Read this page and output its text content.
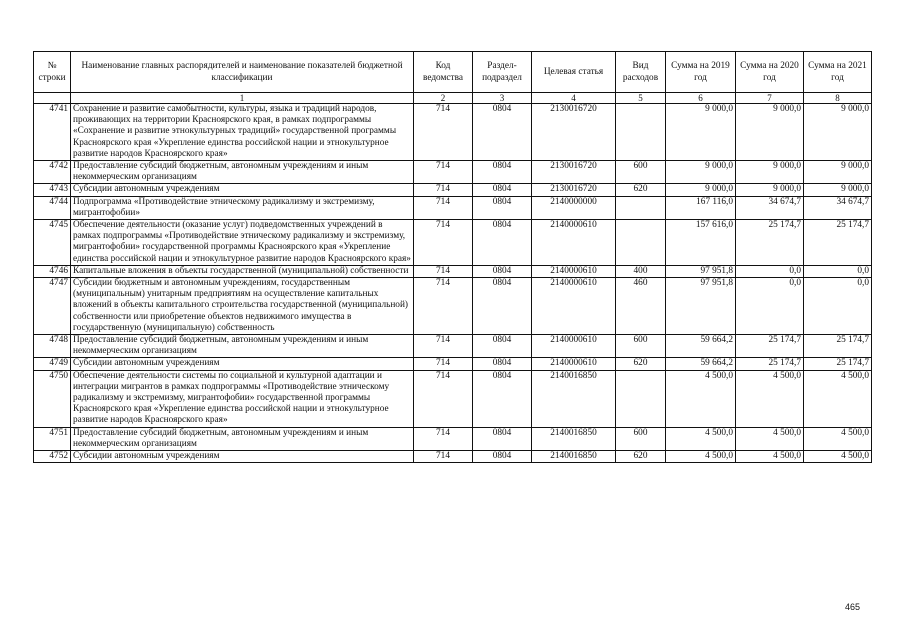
№ строки	Наименование главных распорядителей и наименование показателей бюджетной классификации	Код ведомства	Раздел-подраздел	Целевая статья	Вид расходов	Сумма на 2019 год	Сумма на 2020 год	Сумма на 2021 год
	1	2	3	4	5	6	7	8
4741	Сохранение и развитие самобытности, культуры, языка и традиций народов, проживающих на территории Красноярского края, в рамках подпрограммы «Сохранение и развитие этнокультурных традиций» государственной программы Красноярского края «Укрепление единства российской нации и этнокультурное развитие народов Красноярского края»	714	0804	2130016720		9 000,0	9 000,0	9 000,0
4742	Предоставление субсидий бюджетным, автономным учреждениям и иным некоммерческим организациям	714	0804	2130016720	600	9 000,0	9 000,0	9 000,0
4743	Субсидии автономным учреждениям	714	0804	2130016720	620	9 000,0	9 000,0	9 000,0
4744	Подпрограмма «Противодействие этническому радикализму и экстремизму, мигрантофобии»	714	0804	2140000000		167 116,0	34 674,7	34 674,7
4745	Обеспечение деятельности (оказание услуг) подведомственных учреждений в рамках подпрограммы «Противодействие этническому радикализму и экстремизму, мигрантофобии» государственной программы Красноярского края «Укрепление единства российской нации и этнокультурное развитие народов Красноярского края»	714	0804	2140000610		157 616,0	25 174,7	25 174,7
4746	Капитальные вложения в объекты государственной (муниципальной) собственности	714	0804	2140000610	400	97 951,8	0,0	0,0
4747	Субсидии бюджетным и автономным учреждениям, государственным (муниципальным) унитарным предприятиям на осуществление капитальных вложений в объекты капитального строительства государственной (муниципальной) собственности или приобретение объектов недвижимого имущества в государственную (муниципальную) собственность	714	0804	2140000610	460	97 951,8	0,0	0,0
4748	Предоставление субсидий бюджетным, автономным учреждениям и иным некоммерческим организациям	714	0804	2140000610	600	59 664,2	25 174,7	25 174,7
4749	Субсидии автономным учреждениям	714	0804	2140000610	620	59 664,2	25 174,7	25 174,7
4750	Обеспечение деятельности системы по социальной и культурной адаптации и интеграции мигрантов в рамках подпрограммы «Противодействие этническому радикализму и экстремизму, мигрантофобии» государственной программы Красноярского края «Укрепление единства российской нации и этнокультурное развитие народов Красноярского края»	714	0804	2140016850		4 500,0	4 500,0	4 500,0
4751	Предоставление субсидий бюджетным, автономным учреждениям и иным некоммерческим организациям	714	0804	2140016850	600	4 500,0	4 500,0	4 500,0
4752	Субсидии автономным учреждениям	714	0804	2140016850	620	4 500,0	4 500,0	4 500,0
465
